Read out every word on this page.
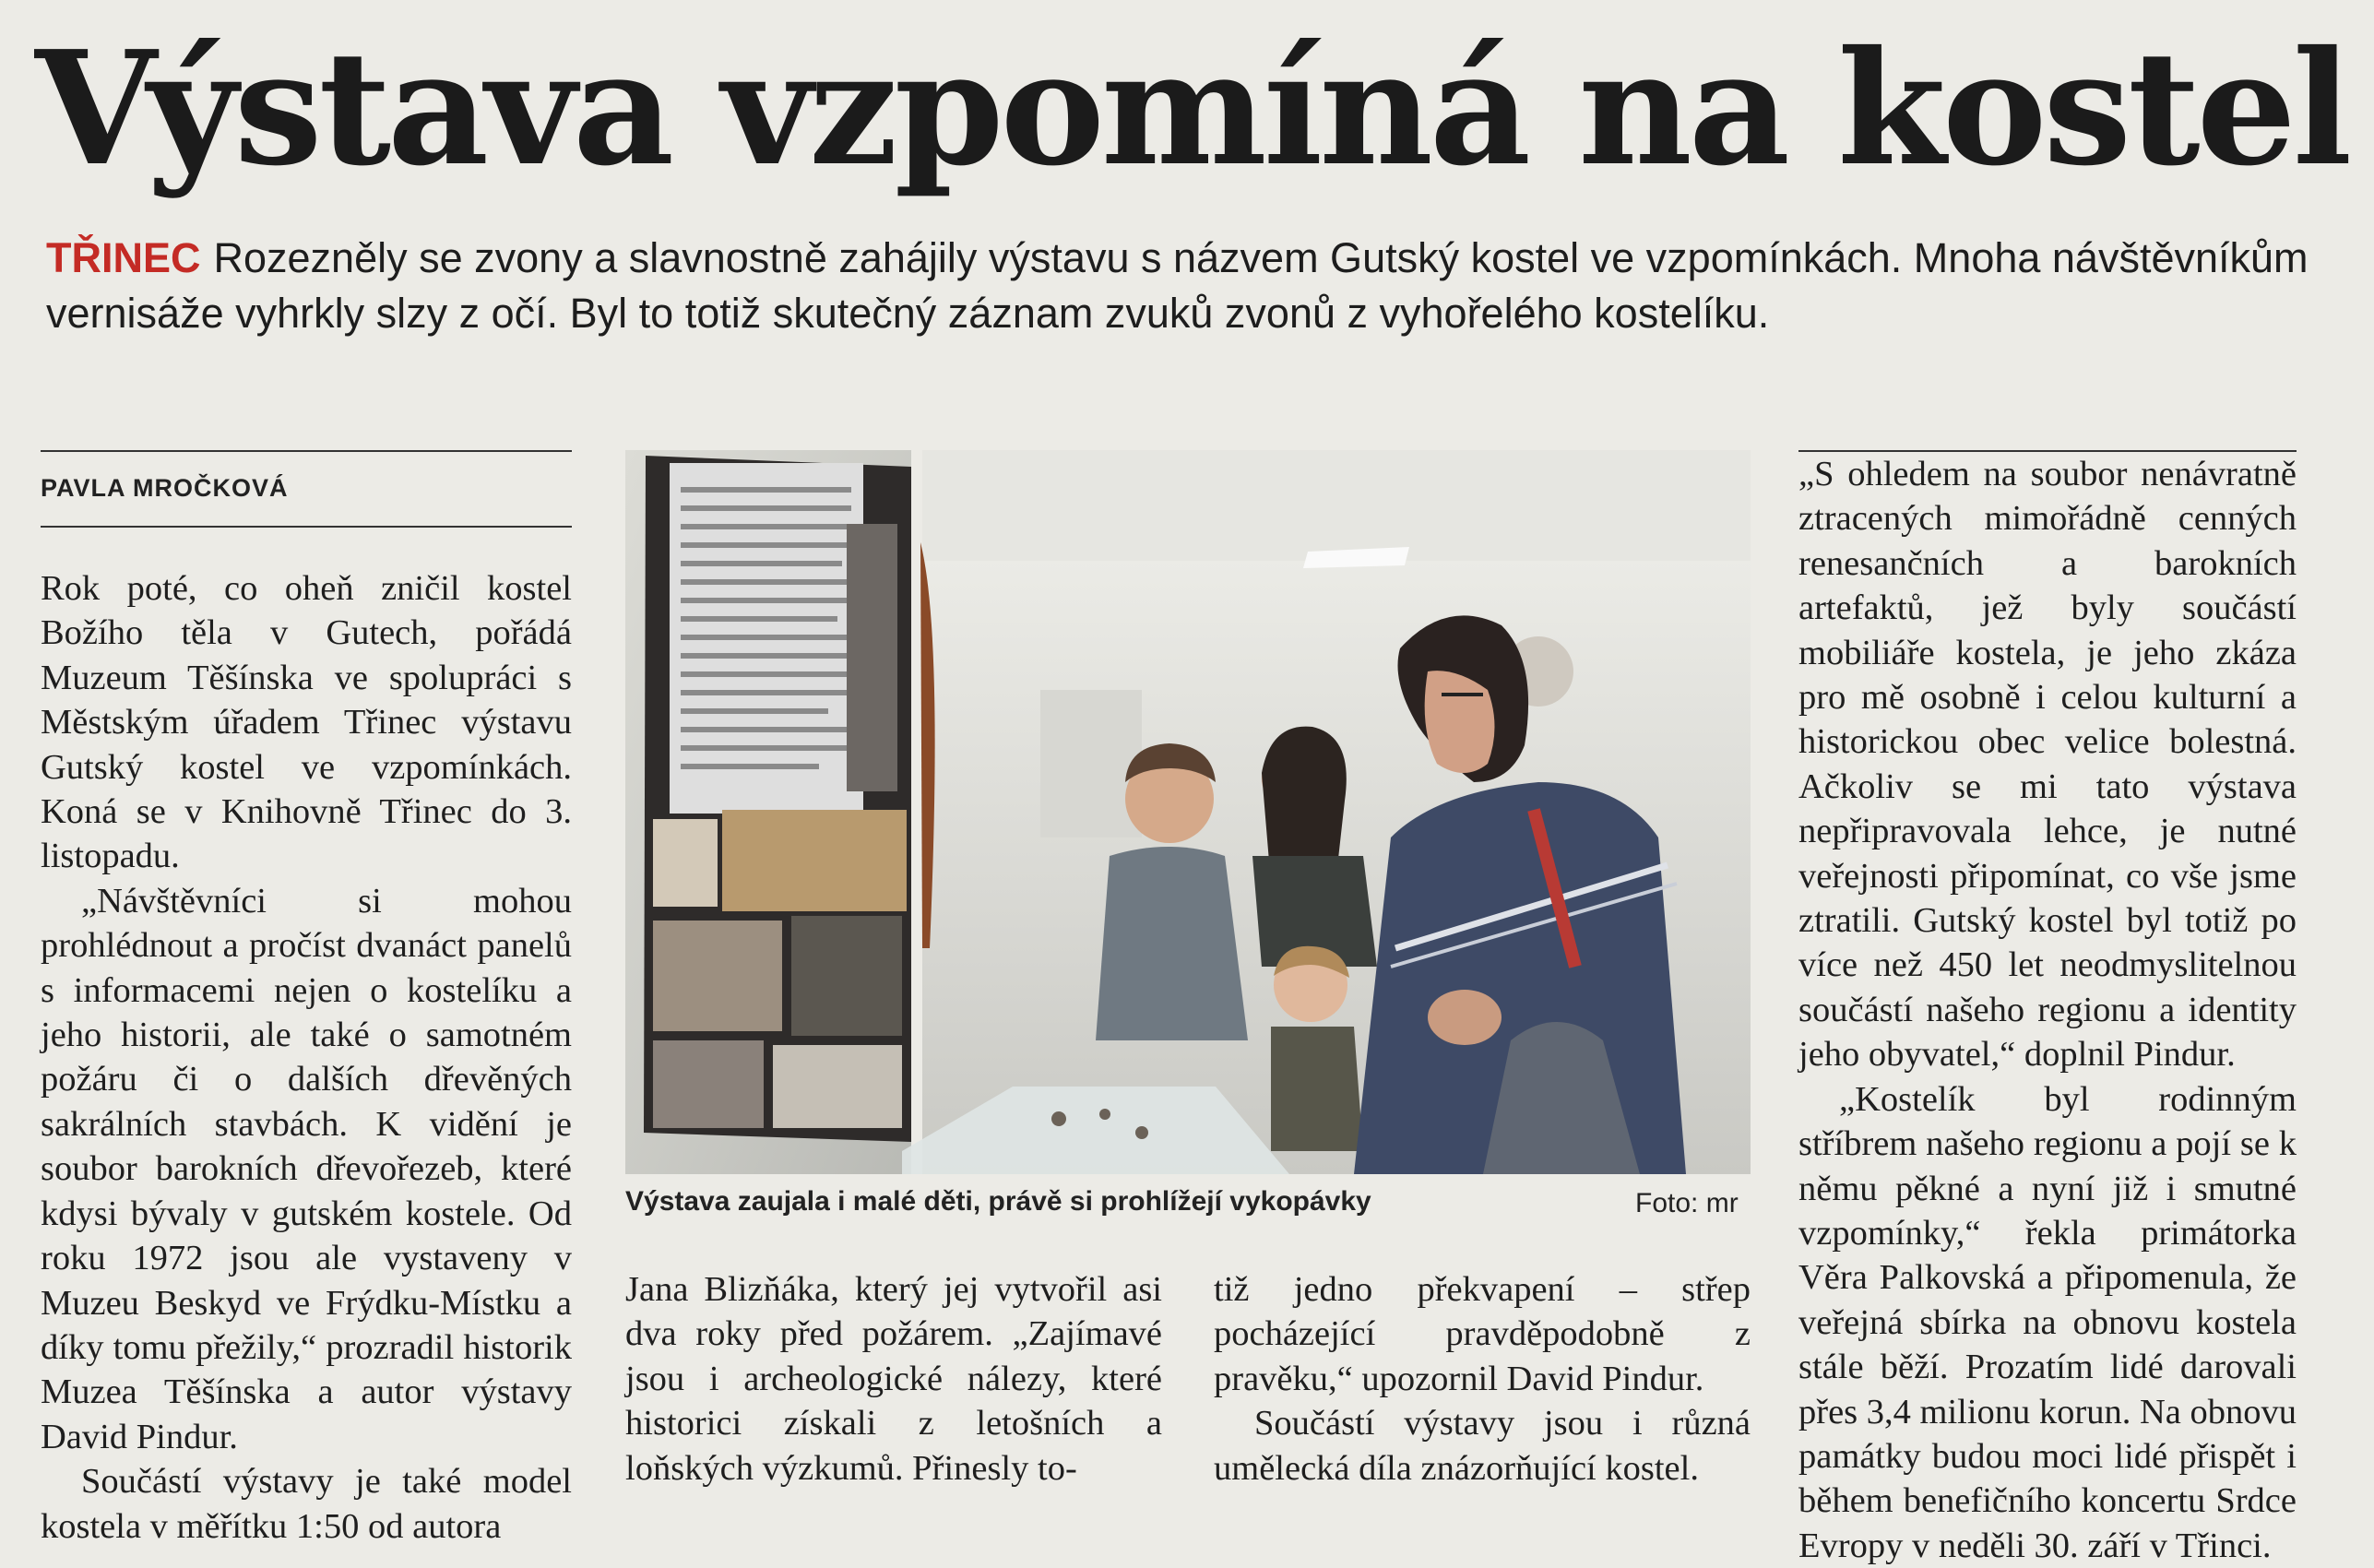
Výstava vzpomíná na kostel
TŘINEC Rozezněly se zvony a slavnostně zahájily výstavu s názvem Gutský kostel ve vzpomínkách. Mnoha návštěvníkům vernisáže vyhrkly slzy z očí. Byl to totiž skutečný záznam zvuků zvonů z vyhořelého kostelíku.
PAVLA MROČKOVÁ

Rok poté, co oheň zničil kostel Božího těla v Gutech, pořádá Muzeum Těšínska ve spolupráci s Městským úřadem Třinec výstavu Gutský kostel ve vzpomínkách. Koná se v Knihovně Třinec do 3. listopadu.

„Návštěvníci si mohou prohlédnout a pročíst dvanáct panelů s informacemi nejen o kostelíku a jeho historii, ale také o samotném požáru či o dalších dřevěných sakrálních stavbách. K vidění je soubor barokních dřevořezeb, které kdysi bývaly v gutském kostele. Od roku 1972 jsou ale vystaveny v Muzeu Beskyd ve Frýdku-Místku a díky tomu přežily,“ prozradil historik Muzea Těšínska a autor výstavy David Pindur.

Součástí výstavy je také model kostela v měřítku 1:50 od autora

Výstava zaujala i malé děti, právě si prohlížejí vykopávky	Foto: mr

Jana Blizňáka, který jej vytvořil asi dva roky před požárem. „Zajímavé jsou i archeologické nálezy, které historici získali z letošních a loňských výzkumů. Přinesly to-

tiž jedno překvapení – střep pocházející pravděpodobně z pravěku,“ upozornil David Pindur.

Součástí výstavy jsou i různá umělecká díla znázorňující kostel.

„S ohledem na soubor nenávratně ztracených mimořádně cenných renesančních a barokních artefaktů, jež byly součástí mobiliáře kostela, je jeho zkáza pro mě osobně i celou kulturní a historickou obec velice bolestná. Ačkoliv se mi tato výstava nepřipravovala lehce, je nutné veřejnosti připomínat, co vše jsme ztratili. Gutský kostel byl totiž po více než 450 let neodmyslitelnou součástí našeho regionu a identity jeho obyvatel,“ doplnil Pindur.

„Kostelík byl rodinným stříbrem našeho regionu a pojí se k němu pěkné a nyní již i smutné vzpomínky,“ řekla primátorka Věra Palkovská a připomenula, že veřejná sbírka na obnovu kostela stále běží. Prozatím lidé darovali přes 3,4 milionu korun. Na obnovu památky budou moci lidé přispět i během benefičního koncertu Srdce Evropy v neděli 30. září v Třinci.
